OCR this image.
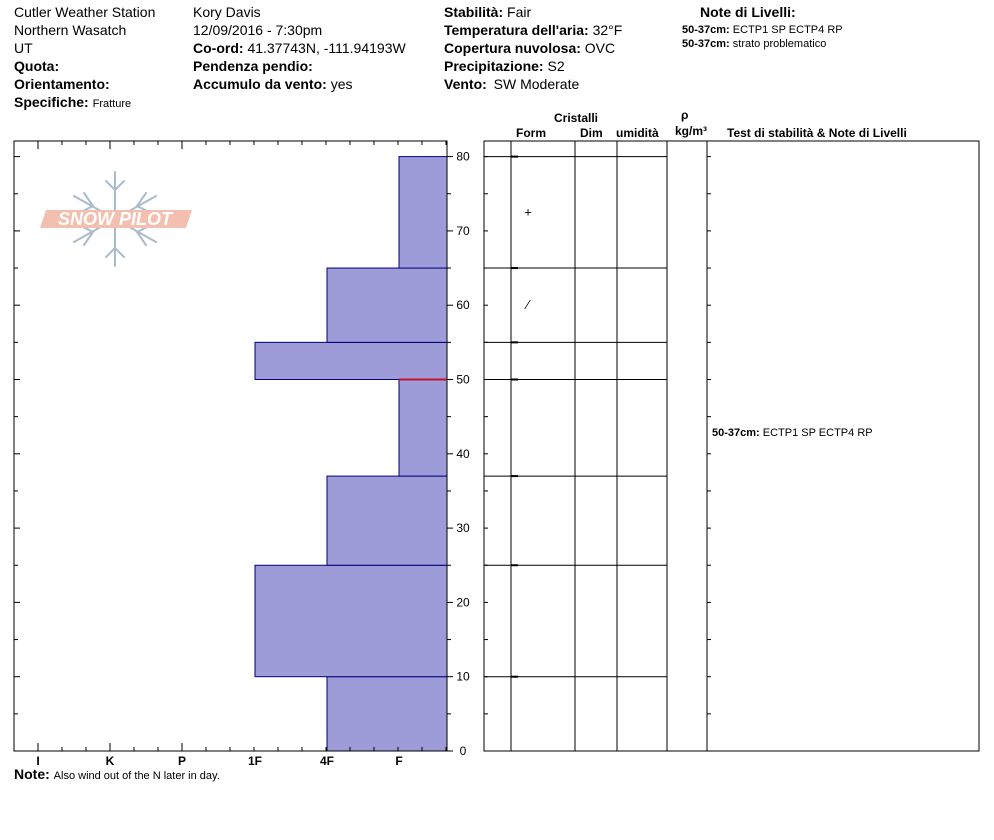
Cutler Weather Station
Northern Wasatch
UT
Quota:
Orientamento:
Specifiche: Fratture
Kory Davis
12/09/2016 - 7:30pm
Co-ord: 41.37743N, -111.94193W
Pendenza pendio:
Accumulo da vento: yes
Stabilità: Fair
Temperatura dell'aria: 32°F
Copertura nuvolosa: OVC
Precipitazione: S2
Vento: SW Moderate
Note di Livelli:
50-37cm: ECTP1 SP ECTP4 RP
50-37cm: strato problematico
Cristalli
Form	Dim umidità
ρ
kg/m³ Test di stabilità & Note di Livelli
SNOW PILOT
I	K	P	1F	4F	F
0
10
20
30
40
50
60
70
80
+
⁄
50-37cm: ECTP1 SP ECTP4 RP
Note: Also wind out of the N later in day.
